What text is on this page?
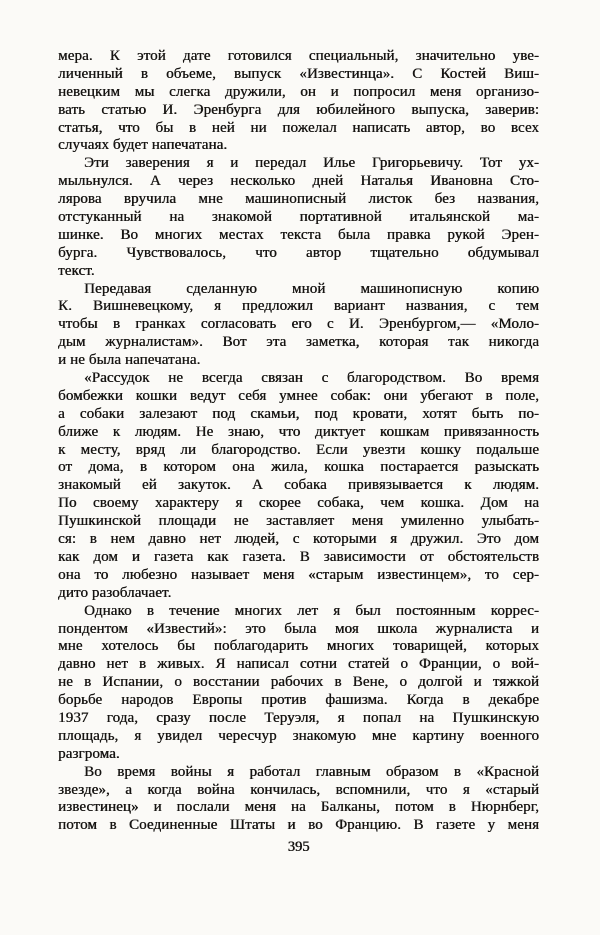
мера. К этой дате готовился специальный, значительно уве-
личенный в объеме, выпуск «Известинца». С Костей Виш-
невецким мы слегка дружили, он и попросил меня организо-
вать статью И. Эренбурга для юбилейного выпуска, заверив:
статья, что бы в ней ни пожелал написать автор, во всех
случаях будет напечатана.
Эти заверения я и передал Илье Григорьевичу. Тот ух-
мыльнулся. А через несколько дней Наталья Ивановна Сто-
лярова вручила мне машинописный листок без названия,
отстуканный на знакомой портативной итальянской ма-
шинке. Во многих местах текста была правка рукой Эрен-
бурга. Чувствовалось, что автор тщательно обдумывал
текст.
Передавая сделанную мной машинописную копию
К. Вишневецкому, я предложил вариант названия, с тем
чтобы в гранках согласовать его с И. Эренбургом,— «Моло-
дым журналистам». Вот эта заметка, которая так никогда
и не была напечатана.
«Рассудок не всегда связан с благородством. Во время
бомбежки кошки ведут себя умнее собак: они убегают в поле,
а собаки залезают под скамьи, под кровати, хотят быть по-
ближе к людям. Не знаю, что диктует кошкам привязанность
к месту, вряд ли благородство. Если увезти кошку подальше
от дома, в котором она жила, кошка постарается разыскать
знакомый ей закуток. А собака привязывается к людям.
По своему характеру я скорее собака, чем кошка. Дом на
Пушкинской площади не заставляет меня умиленно улыбать-
ся: в нем давно нет людей, с которыми я дружил. Это дом
как дом и газета как газета. В зависимости от обстоятельств
она то любезно называет меня «старым известинцем», то сер-
дито разоблачает.
Однако в течение многих лет я был постоянным коррес-
пондентом «Известий»: это была моя школа журналиста и
мне хотелось бы поблагодарить многих товарищей, которых
давно нет в живых. Я написал сотни статей о Франции, о вой-
не в Испании, о восстании рабочих в Вене, о долгой и тяжкой
борьбе народов Европы против фашизма. Когда в декабре
1937 года, сразу после Теруэля, я попал на Пушкинскую
площадь, я увидел чересчур знакомую мне картину военного
разгрома.
Во время войны я работал главным образом в «Красной
звезде», а когда война кончилась, вспомнили, что я «старый
известинец» и послали меня на Балканы, потом в Нюрнберг,
потом в Соединенные Штаты и во Францию. В газете у меня
395
